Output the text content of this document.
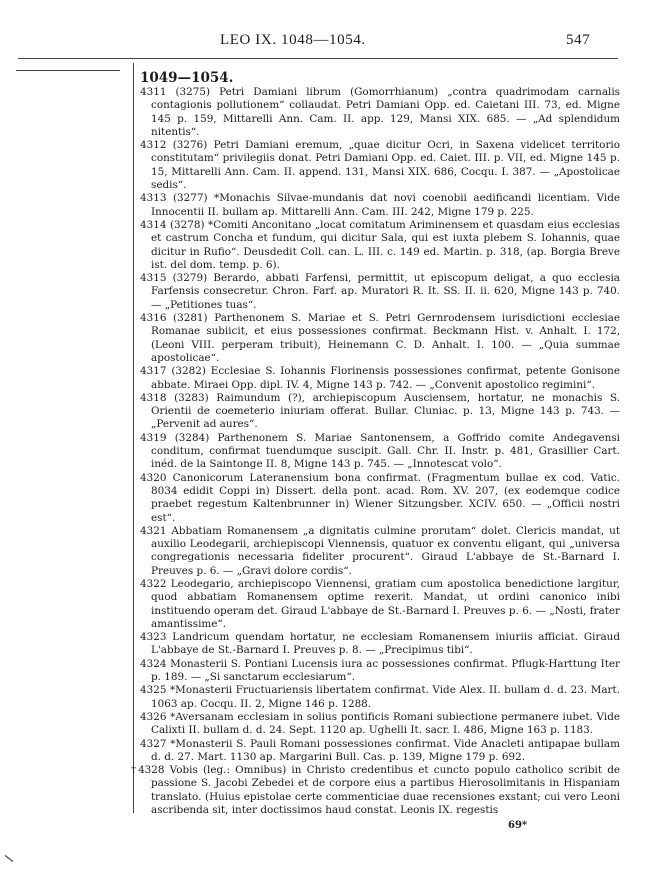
LEO IX. 1048—1054.	547
1049—1054.
4311 (3275) Petri Damiani librum (Gomorrhianum) „contra quadrimodam carnalis contagionis pollutionem“ collaudat. Petri Damiani Opp. ed. Caietani III. 73, ed. Migne 145 p. 159, Mittarelli Ann. Cam. II. app. 129, Mansi XIX. 685. — „Ad splendidum nitentis“.
4312 (3276) Petri Damiani eremum, „quae dicitur Ocri, in Saxena videlicet territorio constitutam“ privilegiis donat. Petri Damiani Opp. ed. Caiet. III. p. VII, ed. Migne 145 p. 15, Mittarelli Ann. Cam. II. append. 131, Mansi XIX. 686, Cocqu. I. 387. — „Apostolicae sedis“.
4313 (3277) *Monachis Silvae-mundanis dat novi coenobii aedificandi licentiam. Vide Innocentii II. bullam ap. Mittarelli Ann. Cam. III. 242, Migne 179 p. 225.
4314 (3278) *Comiti Anconitano „locat comitatum Ariminensem et quasdam eius ecclesias et castrum Concha et fundum, qui dicitur Sala, qui est iuxta plebem S. Iohannis, quae dicitur in Rufio“. Deusdedit Coll. can. L. III. c. 149 ed. Martin. p. 318, (ap. Borgia Breve ist. del dom. temp. p. 6).
4315 (3279) Berardo, abbati Farfensi, permittit, ut episcopum deligat, a quo ecclesia Farfensis consecretur. Chron. Farf. ap. Muratori R. It. SS. II. ii. 620, Migne 143 p. 740. — „Petitiones tuas“.
4316 (3281) Parthenonem S. Mariae et S. Petri Gernrodensem iurisdictioni ecclesiae Romanae subiicit, et eius possessiones confirmat. Beckmann Hist. v. Anhalt. I. 172, (Leoni VIII. perperam tribuit), Heinemann C. D. Anhalt. I. 100. — „Quia summae apostolicae“.
4317 (3282) Ecclesiae S. Iohannis Florinensis possessiones confirmat, petente Gonisone abbate. Miraei Opp. dipl. IV. 4, Migne 143 p. 742. — „Convenit apostolico regimini“.
4318 (3283) Raimundum (?), archiepiscopum Ausciensem, hortatur, ne monachis S. Orientii de coemeterio iniuriam offerat. Bullar. Cluniac. p. 13, Migne 143 p. 743. — „Pervenit ad aures“.
4319 (3284) Parthenonem S. Mariae Santonensem, a Goffrido comite Andegavensi conditum, confirmat tuendumque suscipit. Gall. Chr. II. Instr. p. 481, Grasillier Cart. inéd. de la Saintonge II. 8, Migne 143 p. 745. — „Innotescat volo“.
4320 Canonicorum Lateranensium bona confirmat. (Fragmentum bullae ex cod. Vatic. 8034 edidit Coppi in) Dissert. della pont. acad. Rom. XV. 207, (ex eodemque codice praebet regestum Kaltenbrunner in) Wiener Sitzungsber. XCIV. 650. — „Officii nostri est“.
4321 Abbatiam Romanensem „a dignitatis culmine prorutam“ dolet. Clericis mandat, ut auxilio Leodegarii, archiepiscopi Viennensis, quatuor ex conventu eligant, qui „universa congregationis necessaria fideliter procurent“. Giraud L'abbaye de St.-Barnard I. Preuves p. 6. — „Gravi dolore cordis“.
4322 Leodegario, archiepiscopo Viennensi, gratiam cum apostolica benedictione largitur, quod abbatiam Romanensem optime rexerit. Mandat, ut ordini canonico inibi instituendo operam det. Giraud L'abbaye de St.-Barnard I. Preuves p. 6. — „Nosti, frater amantissime“.
4323 Landricum quendam hortatur, ne ecclesiam Romanensem iniuriis afficiat. Giraud L'abbaye de St.-Barnard I. Preuves p. 8. — „Precipimus tibi“.
4324 Monasterii S. Pontiani Lucensis iura ac possessiones confirmat. Pflugk-Harttung Iter p. 189. — „Si sanctarum ecclesiarum“.
4325 *Monasterii Fructuariensis libertatem confirmat. Vide Alex. II. bullam d. d. 23. Mart. 1063 ap. Cocqu. II. 2, Migne 146 p. 1288.
4326 *Aversanam ecclesiam in solius pontificis Romani subiectione permanere iubet. Vide Calixti II. bullam d. d. 24. Sept. 1120 ap. Ughelli It. sacr. I. 486, Migne 163 p. 1183.
4327 *Monasterii S. Pauli Romani possessiones confirmat. Vide Anacleti antipapae bullam d. d. 27. Mart. 1130 ap. Margarini Bull. Cas. p. 139, Migne 179 p. 692.
†4328 Vobis (leg.: Omnibus) in Christo credentibus et cuncto populo catholico scribit de passione S. Jacobi Zebedei et de corpore eius a partibus Hierosolimitanis in Hispaniam translato. (Huius epistolae certe commenticiae duae recensiones exstant; cui vero Leoni ascribenda sit, inter doctissimos haud constat. Leonis IX. regestis
69*
